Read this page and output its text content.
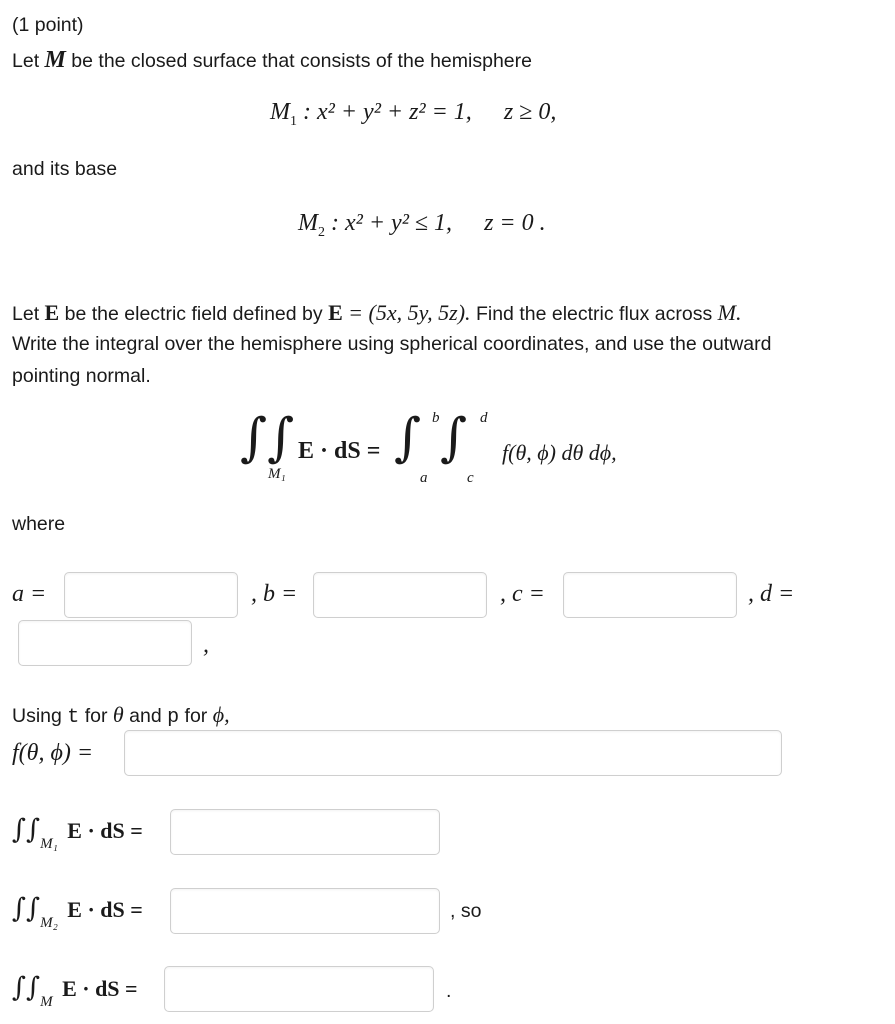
(1 point)
Let M be the closed surface that consists of the hemisphere
$M_1$ : x² + y² + z² = 1, z ≥ 0,
and its base
$M_2$ : x² + y² ≤ 1, z = 0 .
Let E be the electric field defined by E = (5x, 5y, 5z). Find the electric flux across M.
Write the integral over the hemisphere using spherical coordinates, and use the outward
pointing normal.
∫∫
M₁
E · dS = ∫ b
a
∫ d
c
f(θ, ϕ) dθ dϕ,
where
a =	, b =	, c =	, d =
,
Using t for θ and p for ϕ,
f(θ, ϕ) =
$\int\int_{M_1}$ E · dS =
$\int\int_{M_2}$ E · dS =	, so
$\int\int_M$ E · dS =	.
